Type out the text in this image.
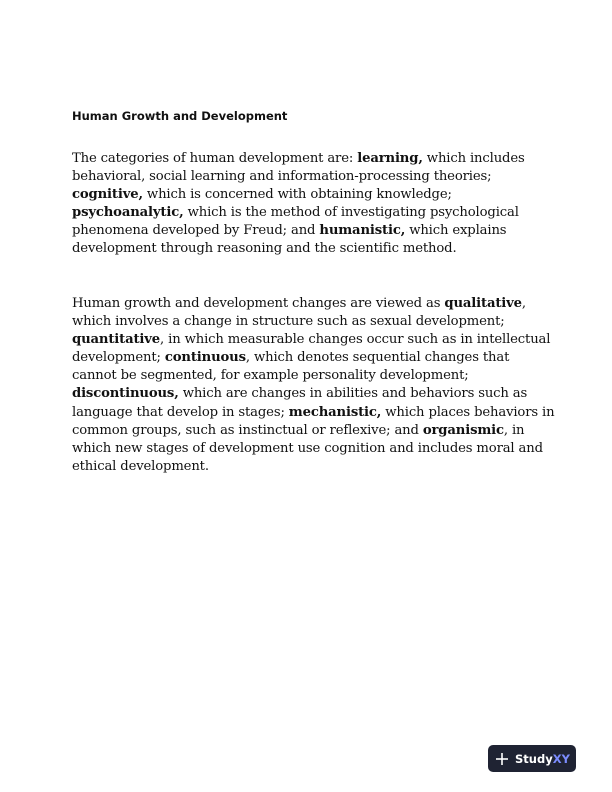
Human Growth and Development

The categories of human development are: learning, which includes
behavioral, social learning and information-processing theories;
cognitive, which is concerned with obtaining knowledge;
psychoanalytic, which is the method of investigating psychological
phenomena developed by Freud; and humanistic, which explains
development through reasoning and the scientific method.

Human growth and development changes are viewed as qualitative,
which involves a change in structure such as sexual development;
quantitative, in which measurable changes occur such as in intellectual
development; continuous, which denotes sequential changes that
cannot be segmented, for example personality development;
discontinuous, which are changes in abilities and behaviors such as
language that develop in stages; mechanistic, which places behaviors in
common groups, such as instinctual or reflexive; and organismic, in
which new stages of development use cognition and includes moral and
ethical development.

StudyXY
